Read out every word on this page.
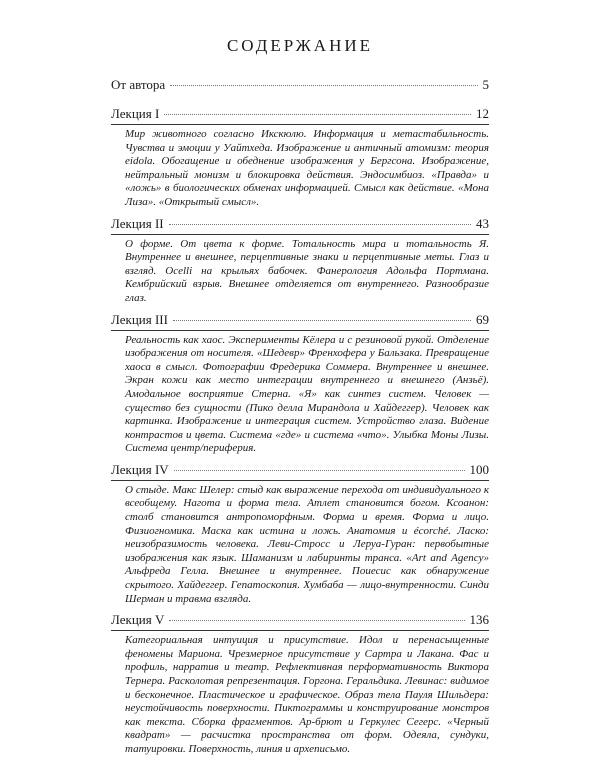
СОДЕРЖАНИЕ
От автора	5
Лекция I	12
Мир животного согласно Икскюлю. Информация и метастабильность. Чувства и эмоции у Уайтхеда. Изображение и античный атомизм: теория eidola. Обогащение и обеднение изображения у Бергсона. Изображение, нейтральный монизм и блокировка действия. Эндосимбиоз. «Правда» и «ложь» в биологических обменах информацией. Смысл как действие. «Мона Лиза». «Открытый смысл».
Лекция II	43
О форме. От цвета к форме. Тотальность мира и тотальность Я. Внутреннее и внешнее, перцептивные знаки и перцептивные меты. Глаз и взгляд. Ocelli на крыльях бабочек. Фанерология Адольфа Портмана. Кембрийский взрыв. Внешнее отделяется от внутреннего. Разнообразие глаз.
Лекция III	69
Реальность как хаос. Эксперименты Кёлера и с резиновой рукой. Отделение изображения от носителя. «Шедевр» Френхофера у Бальзака. Превращение хаоса в смысл. Фотографии Фредерика Соммера. Внутреннее и внешнее. Экран кожи как место интеграции внутреннего и внешнего (Анзьё). Амодальное восприятие Стерна. «Я» как синтез систем. Человек — существо без сущности (Пико делла Мирандола и Хайдеггер). Человек как картинка. Изображение и интеграция систем. Устройство глаза. Видение контрастов и цвета. Система «где» и система «что». Улыбка Моны Лизы. Система центр/периферия.
Лекция IV	100
О стыде. Макс Шелер: стыд как выражение перехода от индивидуального к всеобщему. Нагота и форма тела. Атлет становится богом. Ксоанон: столб становится антропоморфным. Форма и время. Форма и лицо. Физиогномика. Маска как истина и ложь. Анатомия и écorché. Ласко: неизобразимость человека. Леви-Стросс и Леруа-Гуран: первобытные изображения как язык. Шаманизм и лабиринты транса. «Art and Agency» Альфреда Гелла. Внешнее и внутреннее. Поиесис как обнаружение скрытого. Хайдеггер. Гепатоскопия. Хумбаба — лицо-внутренности. Синди Шерман и травма взгляда.
Лекция V	136
Категориальная интуиция и присутствие. Идол и перенасыщенные феномены Мариона. Чрезмерное присутствие у Сартра и Лакана. Фас и профиль, нарратив и театр. Рефлективная перформативность Виктора Тернера. Расколотая репрезентация. Горгона. Геральдика. Левинас: видимое и бесконечное. Пластическое и графическое. Образ тела Пауля Шильдера: неустойчивость поверхности. Пиктограммы и конструирование монстров как текста. Сборка фрагментов. Ар-брют и Геркулес Сегерс. «Черный квадрат» — расчистка пространства от форм. Одеяла, сундуки, татуировки. Поверхность, линия и археписьмо.
